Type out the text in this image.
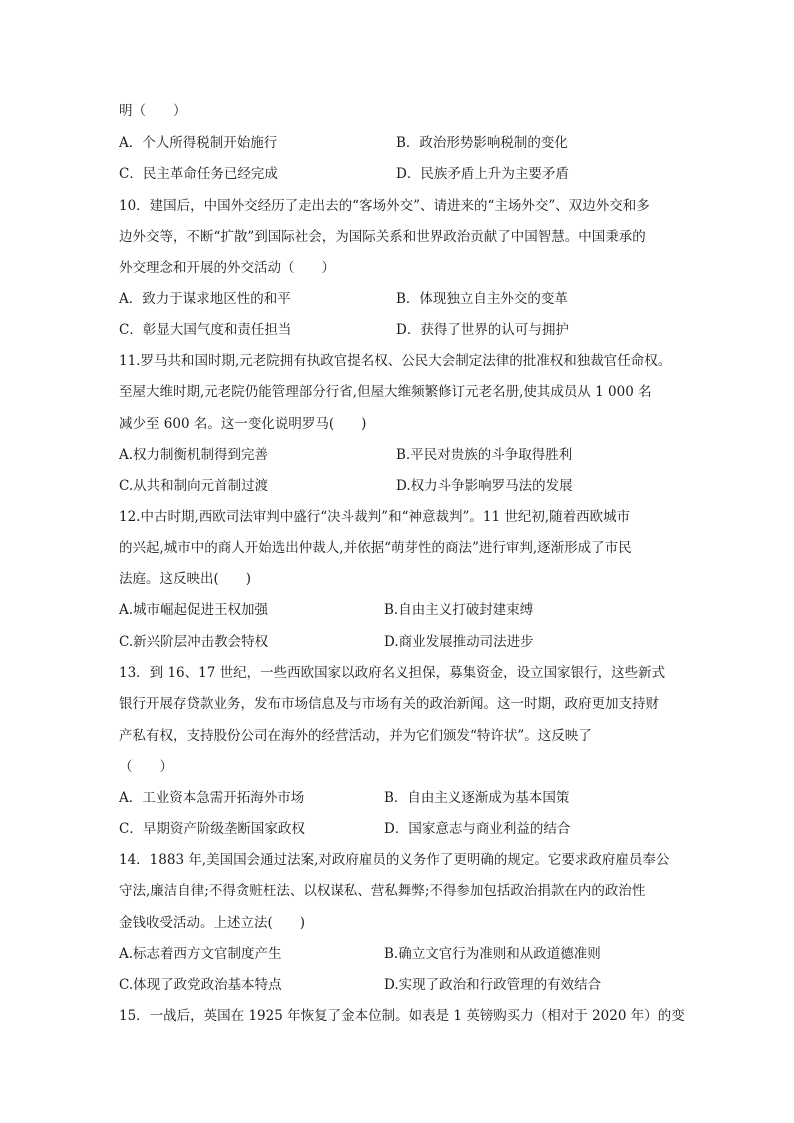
明（　　）
A．个人所得税制开始施行	B．政治形势影响税制的变化
C．民主革命任务已经完成	D．民族矛盾上升为主要矛盾
10．建国后，中国外交经历了走出去的“客场外交”、请进来的“主场外交”、双边外交和多
边外交等，不断“扩散”到国际社会，为国际关系和世界政治贡献了中国智慧。中国秉承的
外交理念和开展的外交活动（　　）
A．致力于谋求地区性的和平	B．体现独立自主外交的变革
C．彰显大国气度和责任担当	D．获得了世界的认可与拥护
11.罗马共和国时期,元老院拥有执政官提名权、公民大会制定法律的批准权和独裁官任命权。
至屋大维时期,元老院仍能管理部分行省,但屋大维频繁修订元老名册,使其成员从 1 000 名
减少至 600 名。这一变化说明罗马(　　)
A.权力制衡机制得到完善	B.平民对贵族的斗争取得胜利
C.从共和制向元首制过渡	D.权力斗争影响罗马法的发展
12.中古时期,西欧司法审判中盛行“决斗裁判”和“神意裁判”。11 世纪初,随着西欧城市
的兴起,城市中的商人开始选出仲裁人,并依据“萌芽性的商法”进行审判,逐渐形成了市民
法庭。这反映出(　　)
A.城市崛起促进王权加强	B.自由主义打破封建束缚
C.新兴阶层冲击教会特权	D.商业发展推动司法进步
13．到 16、17 世纪，一些西欧国家以政府名义担保，募集资金，设立国家银行，这些新式
银行开展存贷款业务，发布市场信息及与市场有关的政治新闻。这一时期，政府更加支持财
产私有权，支持股份公司在海外的经营活动，并为它们颁发“特许状”。这反映了
（　　）
A．工业资本急需开拓海外市场	B．自由主义逐渐成为基本国策
C．早期资产阶级垄断国家政权	D．国家意志与商业利益的结合
14．1883 年,美国国会通过法案,对政府雇员的义务作了更明确的规定。它要求政府雇员奉公
守法,廉洁自律;不得贪赃枉法、以权谋私、营私舞弊;不得参加包括政治捐款在内的政治性
金钱收受活动。上述立法(　　)
A.标志着西方文官制度产生	B.确立文官行为准则和从政道德准则
C.体现了政党政治基本特点	D.实现了政治和行政管理的有效结合
15．一战后，英国在 1925 年恢复了金本位制。如表是 1 英镑购买力（相对于 2020 年）的变
